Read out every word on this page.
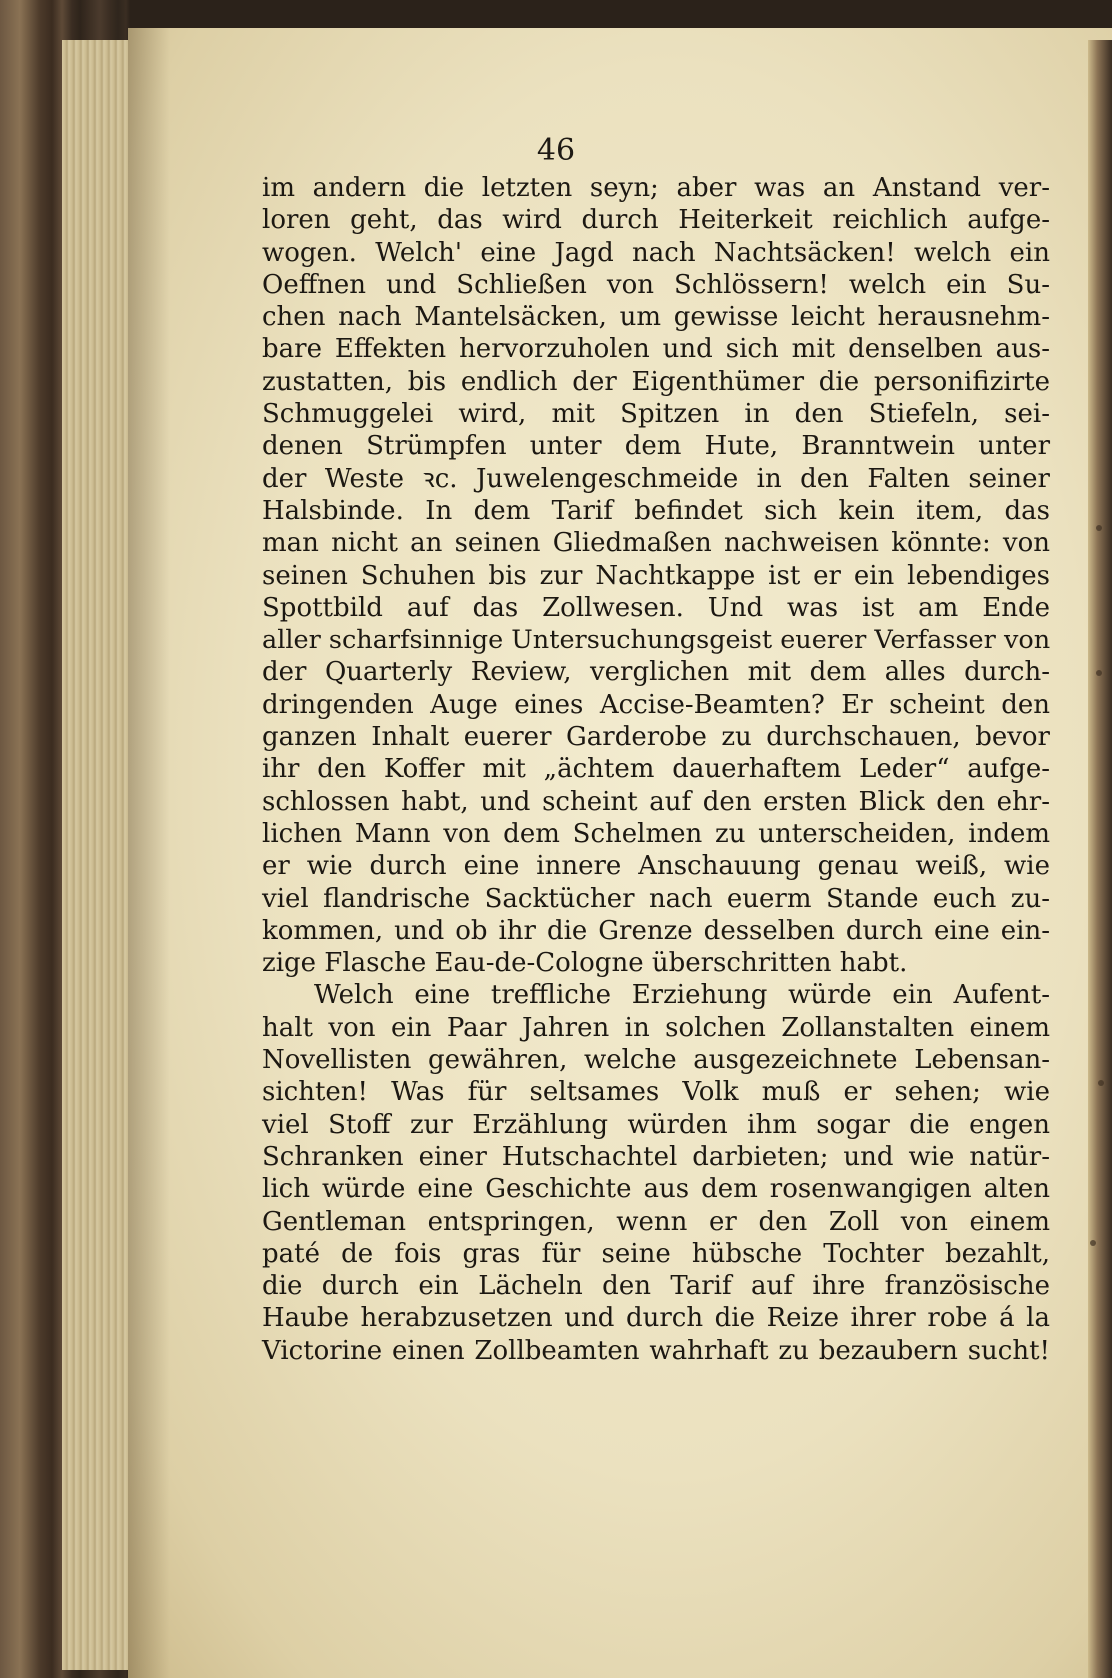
46
im andern die letzten seyn; aber was an Anstand ver-
loren geht, das wird durch Heiterkeit reichlich aufge-
wogen. Welch' eine Jagd nach Nachtsäcken! welch ein
Oeffnen und Schließen von Schlössern! welch ein Su-
chen nach Mantelsäcken, um gewisse leicht herausnehm-
bare Effekten hervorzuholen und sich mit denselben aus-
zustatten, bis endlich der Eigenthümer die personifizirte
Schmuggelei wird, mit Spitzen in den Stiefeln, sei-
denen Strümpfen unter dem Hute, Branntwein unter
der Weste ꝛc. Juwelengeschmeide in den Falten seiner
Halsbinde. In dem Tarif befindet sich kein item, das
man nicht an seinen Gliedmaßen nachweisen könnte: von
seinen Schuhen bis zur Nachtkappe ist er ein lebendiges
Spottbild auf das Zollwesen. Und was ist am Ende
aller scharfsinnige Untersuchungsgeist euerer Verfasser von
der Quarterly Review, verglichen mit dem alles durch-
dringenden Auge eines Accise-Beamten? Er scheint den
ganzen Inhalt euerer Garderobe zu durchschauen, bevor
ihr den Koffer mit „ächtem dauerhaftem Leder“ aufge-
schlossen habt, und scheint auf den ersten Blick den ehr-
lichen Mann von dem Schelmen zu unterscheiden, indem
er wie durch eine innere Anschauung genau weiß, wie
viel flandrische Sacktücher nach euerm Stande euch zu-
kommen, und ob ihr die Grenze desselben durch eine ein-
zige Flasche Eau-de-Cologne überschritten habt.
Welch eine treffliche Erziehung würde ein Aufent-
halt von ein Paar Jahren in solchen Zollanstalten einem
Novellisten gewähren, welche ausgezeichnete Lebensan-
sichten! Was für seltsames Volk muß er sehen; wie
viel Stoff zur Erzählung würden ihm sogar die engen
Schranken einer Hutschachtel darbieten; und wie natür-
lich würde eine Geschichte aus dem rosenwangigen alten
Gentleman entspringen, wenn er den Zoll von einem
paté de fois gras für seine hübsche Tochter bezahlt,
die durch ein Lächeln den Tarif auf ihre französische
Haube herabzusetzen und durch die Reize ihrer robe á la
Victorine einen Zollbeamten wahrhaft zu bezaubern sucht!
